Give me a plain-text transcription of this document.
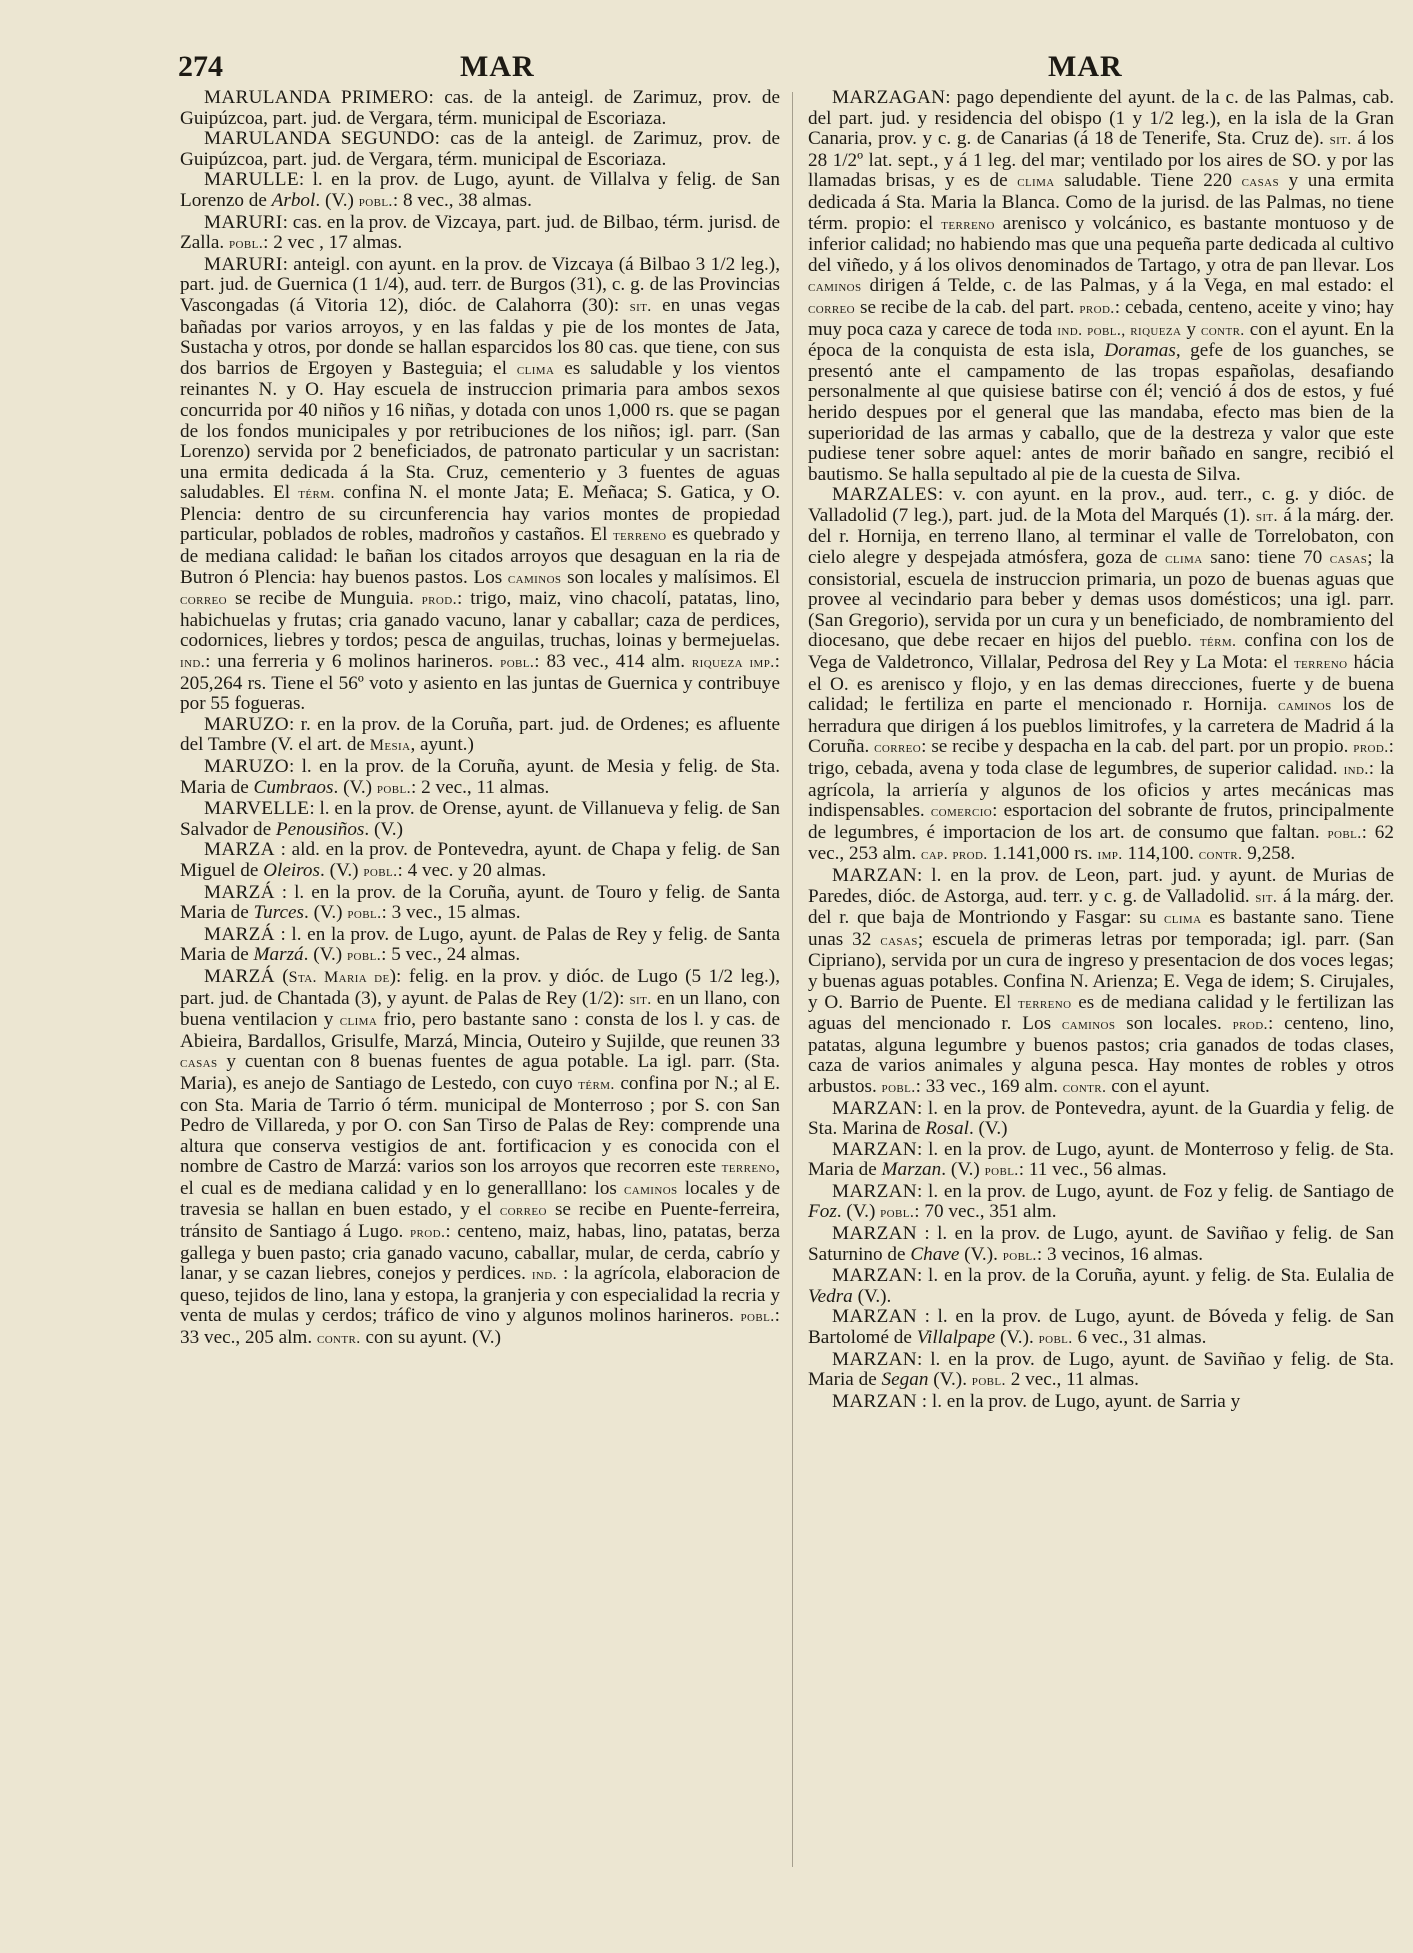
274	MAR	MAR

MARULANDA PRIMERO: cas. de la anteigl. de Zarimuz, prov. de Guipúzcoa, part. jud. de Vergara, térm. municipal de Escoriaza.

MARULANDA SEGUNDO: cas de la anteigl. de Zarimuz, prov. de Guipúzcoa, part. jud. de Vergara, térm. municipal de Escoriaza.

MARULLE: l. en la prov. de Lugo, ayunt. de Villalva y felig. de San Lorenzo de Arbol. (V.) pobl.: 8 vec., 38 almas.

MARURI: cas. en la prov. de Vizcaya, part. jud. de Bilbao, térm. jurisd. de Zalla. pobl.: 2 vec , 17 almas.

MARURI: anteigl. con ayunt. en la prov. de Vizcaya (á Bilbao 3 1/2 leg.), part. jud. de Guernica (1 1/4), aud. terr. de Burgos (31), c. g. de las Provincias Vascongadas (á Vitoria 12), dióc. de Calahorra (30): sit. en unas vegas bañadas por varios arroyos, y en las faldas y pie de los montes de Jata, Sustacha y otros, por donde se hallan esparcidos los 80 cas. que tiene, con sus dos barrios de Ergoyen y Basteguia; el clima es saludable y los vientos reinantes N. y O. Hay escuela de instruccion primaria para ambos sexos concurrida por 40 niños y 16 niñas, y dotada con unos 1,000 rs. que se pagan de los fondos municipales y por retribuciones de los niños; igl. parr. (San Lorenzo) servida por 2 beneficiados, de patronato particular y un sacristan: una ermita dedicada á la Sta. Cruz, cementerio y 3 fuentes de aguas saludables. El térm. confina N. el monte Jata; E. Meñaca; S. Gatica, y O. Plencia: dentro de su circunferencia hay varios montes de propiedad particular, poblados de robles, madroños y castaños. El terreno es quebrado y de mediana calidad: le bañan los citados arroyos que desaguan en la ria de Butron ó Plencia: hay buenos pastos. Los caminos son locales y malísimos. El correo se recibe de Munguia. prod.: trigo, maiz, vino chacolí, patatas, lino, habichuelas y frutas; cria ganado vacuno, lanar y caballar; caza de perdices, codornices, liebres y tordos; pesca de anguilas, truchas, loinas y bermejuelas. ind.: una ferreria y 6 molinos harineros. pobl.: 83 vec., 414 alm. riqueza imp.: 205,264 rs. Tiene el 56º voto y asiento en las juntas de Guernica y contribuye por 55 fogueras.

MARUZO: r. en la prov. de la Coruña, part. jud. de Ordenes; es afluente del Tambre (V. el art. de Mesia, ayunt.)

MARUZO: l. en la prov. de la Coruña, ayunt. de Mesia y felig. de Sta. Maria de Cumbraos. (V.) pobl.: 2 vec., 11 almas.

MARVELLE: l. en la prov. de Orense, ayunt. de Villanueva y felig. de San Salvador de Penousiños. (V.)

MARZA : ald. en la prov. de Pontevedra, ayunt. de Chapa y felig. de San Miguel de Oleiros. (V.) pobl.: 4 vec. y 20 almas.

MARZÁ : l. en la prov. de la Coruña, ayunt. de Touro y felig. de Santa Maria de Turces. (V.) pobl.: 3 vec., 15 almas.

MARZÁ : l. en la prov. de Lugo, ayunt. de Palas de Rey y felig. de Santa Maria de Marzá. (V.) pobl.: 5 vec., 24 almas.

MARZÁ (Sta. Maria de): felig. en la prov. y dióc. de Lugo (5 1/2 leg.), part. jud. de Chantada (3), y ayunt. de Palas de Rey (1/2): sit. en un llano, con buena ventilacion y clima frio, pero bastante sano : consta de los l. y cas. de Abieira, Bardallos, Grisulfe, Marzá, Mincia, Outeiro y Sujilde, que reunen 33 casas y cuentan con 8 buenas fuentes de agua potable. La igl. parr. (Sta. Maria), es anejo de Santiago de Lestedo, con cuyo térm. confina por N.; al E. con Sta. Maria de Tarrio ó térm. municipal de Monterroso ; por S. con San Pedro de Villareda, y por O. con San Tirso de Palas de Rey: comprende una altura que conserva vestigios de ant. fortificacion y es conocida con el nombre de Castro de Marzá: varios son los arroyos que recorren este terreno, el cual es de mediana calidad y en lo generalllano: los caminos locales y de travesia se hallan en buen estado, y el correo se recibe en Puente-ferreira, tránsito de Santiago á Lugo. prod.: centeno, maiz, habas, lino, patatas, berza gallega y buen pasto; cria ganado vacuno, caballar, mular, de cerda, cabrío y lanar, y se cazan liebres, conejos y perdices. ind. : la agrícola, elaboracion de queso, tejidos de lino, lana y estopa, la granjeria y con especialidad la recria y venta de mulas y cerdos; tráfico de vino y algunos molinos harineros. pobl.: 33 vec., 205 alm. contr. con su ayunt. (V.)

MARZAGAN: pago dependiente del ayunt. de la c. de las Palmas, cab. del part. jud. y residencia del obispo (1 y 1/2 leg.), en la isla de la Gran Canaria, prov. y c. g. de Canarias (á 18 de Tenerife, Sta. Cruz de). sit. á los 28 1/2º lat. sept., y á 1 leg. del mar; ventilado por los aires de SO. y por las llamadas brisas, y es de clima saludable. Tiene 220 casas y una ermita dedicada á Sta. Maria la Blanca. Como de la jurisd. de las Palmas, no tiene térm. propio: el terreno arenisco y volcánico, es bastante montuoso y de inferior calidad; no habiendo mas que una pequeña parte dedicada al cultivo del viñedo, y á los olivos denominados de Tartago, y otra de pan llevar. Los caminos dirigen á Telde, c. de las Palmas, y á la Vega, en mal estado: el correo se recibe de la cab. del part. prod.: cebada, centeno, aceite y vino; hay muy poca caza y carece de toda ind. pobl., riqueza y contr. con el ayunt. En la época de la conquista de esta isla, Doramas, gefe de los guanches, se presentó ante el campamento de las tropas españolas, desafiando personalmente al que quisiese batirse con él; venció á dos de estos, y fué herido despues por el general que las mandaba, efecto mas bien de la superioridad de las armas y caballo, que de la destreza y valor que este pudiese tener sobre aquel: antes de morir bañado en sangre, recibió el bautismo. Se halla sepultado al pie de la cuesta de Silva.

MARZALES: v. con ayunt. en la prov., aud. terr., c. g. y dióc. de Valladolid (7 leg.), part. jud. de la Mota del Marqués (1). sit. á la márg. der. del r. Hornija, en terreno llano, al terminar el valle de Torrelobaton, con cielo alegre y despejada atmósfera, goza de clima sano: tiene 70 casas; la consistorial, escuela de instruccion primaria, un pozo de buenas aguas que provee al vecindario para beber y demas usos domésticos; una igl. parr. (San Gregorio), servida por un cura y un beneficiado, de nombramiento del diocesano, que debe recaer en hijos del pueblo. térm. confina con los de Vega de Valdetronco, Villalar, Pedrosa del Rey y La Mota: el terreno hácia el O. es arenisco y flojo, y en las demas direcciones, fuerte y de buena calidad; le fertiliza en parte el mencionado r. Hornija. caminos los de herradura que dirigen á los pueblos limitrofes, y la carretera de Madrid á la Coruña. correo: se recibe y despacha en la cab. del part. por un propio. prod.: trigo, cebada, avena y toda clase de legumbres, de superior calidad. ind.: la agrícola, la arriería y algunos de los oficios y artes mecánicas mas indispensables. comercio: esportacion del sobrante de frutos, principalmente de legumbres, é importacion de los art. de consumo que faltan. pobl.: 62 vec., 253 alm. cap. prod. 1.141,000 rs. imp. 114,100. contr. 9,258.

MARZAN: l. en la prov. de Leon, part. jud. y ayunt. de Murias de Paredes, dióc. de Astorga, aud. terr. y c. g. de Valladolid. sit. á la márg. der. del r. que baja de Montriondo y Fasgar: su clima es bastante sano. Tiene unas 32 casas; escuela de primeras letras por temporada; igl. parr. (San Cipriano), servida por un cura de ingreso y presentacion de dos voces legas; y buenas aguas potables. Confina N. Arienza; E. Vega de idem; S. Cirujales, y O. Barrio de Puente. El terreno es de mediana calidad y le fertilizan las aguas del mencionado r. Los caminos son locales. prod.: centeno, lino, patatas, alguna legumbre y buenos pastos; cria ganados de todas clases, caza de varios animales y alguna pesca. Hay montes de robles y otros arbustos. pobl.: 33 vec., 169 alm. contr. con el ayunt.

MARZAN: l. en la prov. de Pontevedra, ayunt. de la Guardia y felig. de Sta. Marina de Rosal. (V.)

MARZAN: l. en la prov. de Lugo, ayunt. de Monterroso y felig. de Sta. Maria de Marzan. (V.) pobl.: 11 vec., 56 almas.

MARZAN: l. en la prov. de Lugo, ayunt. de Foz y felig. de Santiago de Foz. (V.) pobl.: 70 vec., 351 alm.

MARZAN : l. en la prov. de Lugo, ayunt. de Saviñao y felig. de San Saturnino de Chave (V.). pobl.: 3 vecinos, 16 almas.

MARZAN: l. en la prov. de la Coruña, ayunt. y felig. de Sta. Eulalia de Vedra (V.).

MARZAN : l. en la prov. de Lugo, ayunt. de Bóveda y felig. de San Bartolomé de Villalpape (V.). pobl. 6 vec., 31 almas.

MARZAN: l. en la prov. de Lugo, ayunt. de Saviñao y felig. de Sta. Maria de Segan (V.). pobl. 2 vec., 11 almas.

MARZAN : l. en la prov. de Lugo, ayunt. de Sarria y
